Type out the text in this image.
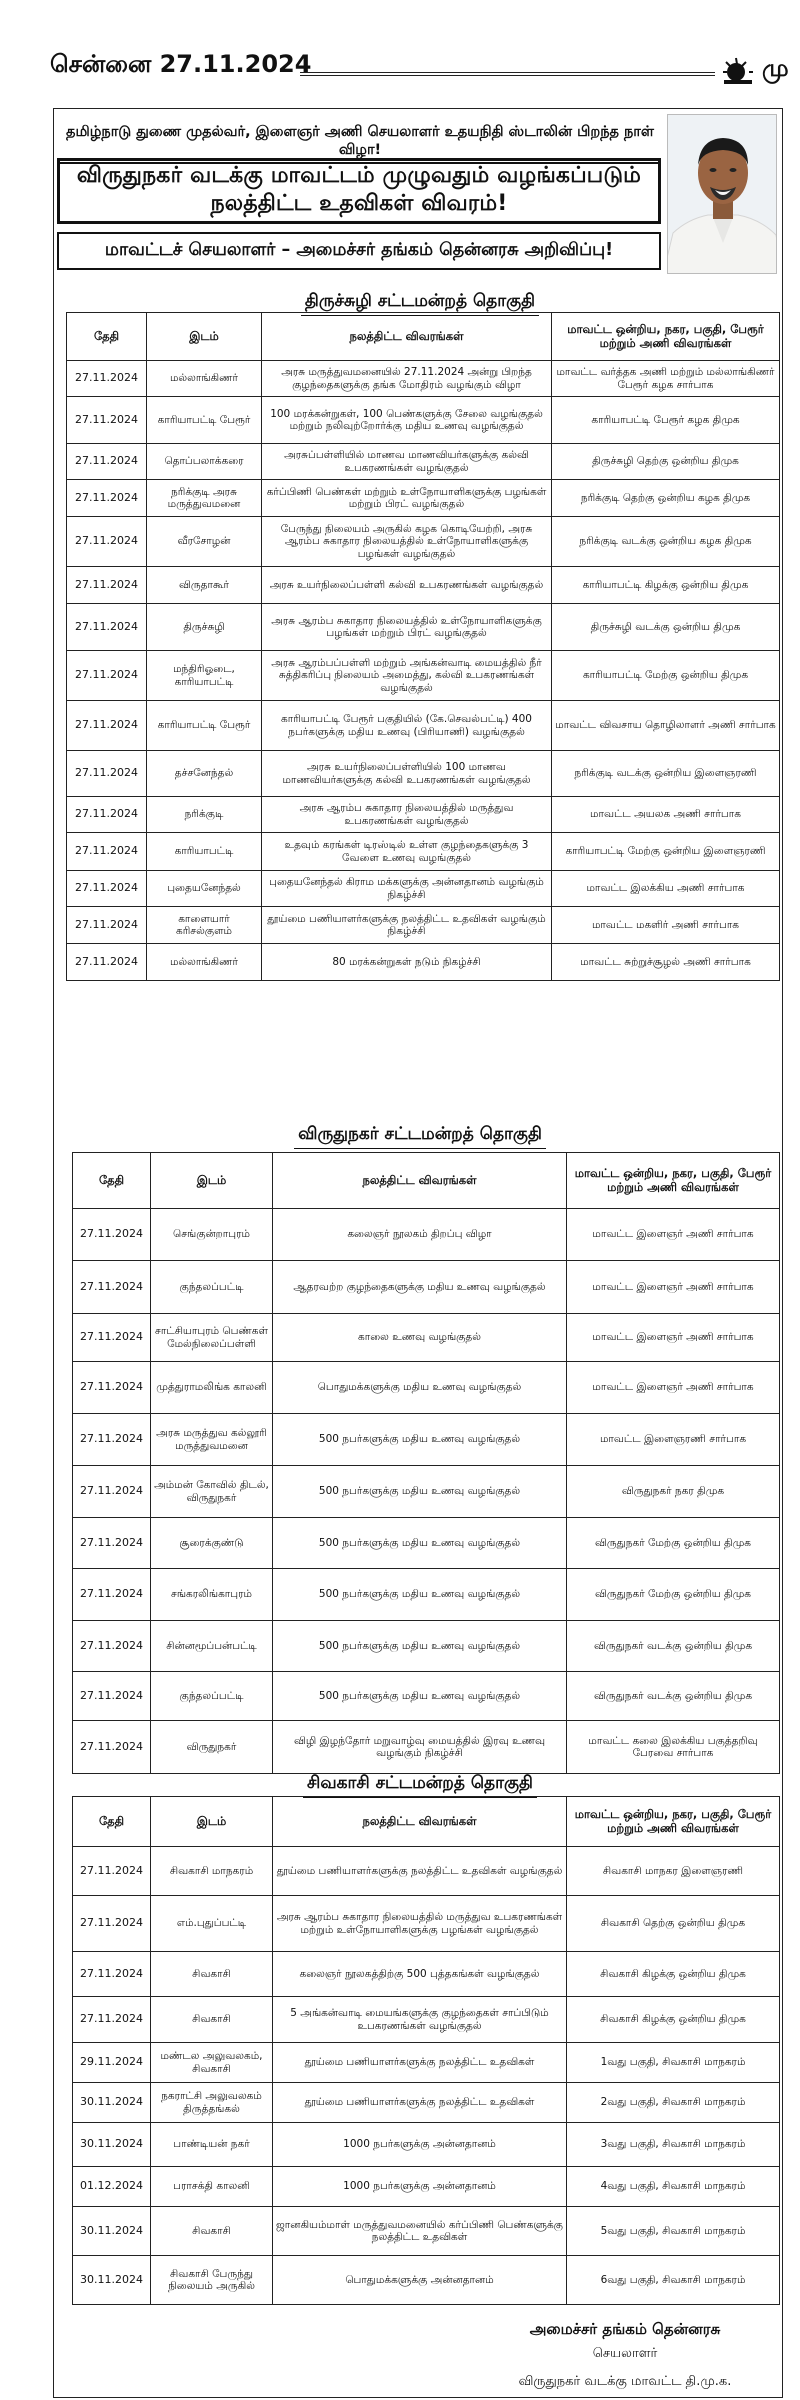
சென்னை 27.11.2024	மு
தமிழ்நாடு துணை முதல்வர், இளைஞர் அணி செயலாளர் உதயநிதி ஸ்டாலின் பிறந்த நாள் விழா!
விருதுநகர் வடக்கு மாவட்டம் முழுவதும் வழங்கப்படும் நலத்திட்ட உதவிகள் விவரம்!
மாவட்டச் செயலாளர் – அமைச்சர் தங்கம் தென்னரசு அறிவிப்பு!
திருச்சுழி சட்டமன்றத் தொகுதி
தேதி	இடம்	நலத்திட்ட விவரங்கள்	மாவட்ட ஒன்றிய, நகர, பகுதி, பேரூர் மற்றும் அணி விவரங்கள்
27.11.2024	மல்லாங்கிணர்	அரசு மருத்துவமனையில் 27.11.2024 அன்று பிறந்த குழந்தைகளுக்கு தங்க மோதிரம் வழங்கும் விழா	மாவட்ட வர்த்தக அணி மற்றும் மல்லாங்கிணர் பேரூர் கழக சார்பாக
27.11.2024	காரியாபட்டி பேரூர்	100 மரக்கன்றுகள், 100 பெண்களுக்கு சேலை வழங்குதல் மற்றும் நலிவுற்றோர்க்கு மதிய உணவு வழங்குதல்	காரியாபட்டி பேரூர் கழக திமுக
27.11.2024	தொப்பலாக்கரை	அரசுப்பள்ளியில் மாணவ மாணவியர்களுக்கு கல்வி உபகரணங்கள் வழங்குதல்	திருச்சுழி தெற்கு ஒன்றிய திமுக
27.11.2024	நரிக்குடி அரசு மருத்துவமனை	கர்ப்பிணி பெண்கள் மற்றும் உள்நோயாளிகளுக்கு பழங்கள் மற்றும் பிரட் வழங்குதல்	நரிக்குடி தெற்கு ஒன்றிய கழக திமுக
27.11.2024	வீரசோழன்	பேருந்து நிலையம் அருகில் கழக கொடியேற்றி, அரசு ஆரம்ப சுகாதார நிலையத்தில் உள்நோயாளிகளுக்கு பழங்கள் வழங்குதல்	நரிக்குடி வடக்கு ஒன்றிய கழக திமுக
27.11.2024	விருதாகூர்	அரசு உயர்நிலைப்பள்ளி கல்வி உபகரணங்கள் வழங்குதல்	காரியாபட்டி கிழக்கு ஒன்றிய திமுக
27.11.2024	திருச்சுழி	அரசு ஆரம்ப சுகாதார நிலையத்தில் உள்நோயாளிகளுக்கு பழங்கள் மற்றும் பிரட் வழங்குதல்	திருச்சுழி வடக்கு ஒன்றிய திமுக
27.11.2024	மந்திரிஓடை, காரியாபட்டி	அரசு ஆரம்பப்பள்ளி மற்றும் அங்கன்வாடி மையத்தில் நீர் சுத்திகரிப்பு நிலையம் அமைத்து, கல்வி உபகரணங்கள் வழங்குதல்	காரியாபட்டி மேற்கு ஒன்றிய திமுக
27.11.2024	காரியாபட்டி பேரூர்	காரியாபட்டி பேரூர் பகுதியில் (கே.செவல்பட்டி) 400 நபர்களுக்கு மதிய உணவு (பிரியாணி) வழங்குதல்	மாவட்ட விவசாய தொழிலாளர் அணி சார்பாக
27.11.2024	தச்சனேந்தல்	அரசு உயர்நிலைப்பள்ளியில் 100 மாணவ மாணவியர்களுக்கு கல்வி உபகரணங்கள் வழங்குதல்	நரிக்குடி வடக்கு ஒன்றிய இளைஞரணி
27.11.2024	நரிக்குடி	அரசு ஆரம்ப சுகாதார நிலையத்தில் மருத்துவ உபகரணங்கள் வழங்குதல்	மாவட்ட அயலக அணி சார்பாக
27.11.2024	காரியாபட்டி	உதவும் கரங்கள் டிரஸ்டில் உள்ள குழந்தைகளுக்கு 3 வேளை உணவு வழங்குதல்	காரியாபட்டி மேற்கு ஒன்றிய இளைஞரணி
27.11.2024	புதையனேந்தல்	புதையனேந்தல் கிராம மக்களுக்கு அன்னதானம் வழங்கும் நிகழ்ச்சி	மாவட்ட இலக்கிய அணி சார்பாக
27.11.2024	காளையார் கரிசல்குளம்	தூய்மை பணியாளர்களுக்கு நலத்திட்ட உதவிகள் வழங்கும் நிகழ்ச்சி	மாவட்ட மகளிர் அணி சார்பாக
27.11.2024	மல்லாங்கிணர்	80 மரக்கன்றுகள் நடும் நிகழ்ச்சி	மாவட்ட சுற்றுச்சூழல் அணி சார்பாக
விருதுநகர் சட்டமன்றத் தொகுதி
தேதி	இடம்	நலத்திட்ட விவரங்கள்	மாவட்ட ஒன்றிய, நகர, பகுதி, பேரூர் மற்றும் அணி விவரங்கள்
27.11.2024	செங்குன்றாபுரம்	கலைஞர் நூலகம் திறப்பு விழா	மாவட்ட இளைஞர் அணி சார்பாக
27.11.2024	குந்தலப்பட்டி	ஆதரவற்ற குழந்தைகளுக்கு மதிய உணவு வழங்குதல்	மாவட்ட இளைஞர் அணி சார்பாக
27.11.2024	சாட்சியாபுரம் பெண்கள் மேல்நிலைப்பள்ளி	காலை உணவு வழங்குதல்	மாவட்ட இளைஞர் அணி சார்பாக
27.11.2024	முத்துராமலிங்க காலனி	பொதுமக்களுக்கு மதிய உணவு வழங்குதல்	மாவட்ட இளைஞர் அணி சார்பாக
27.11.2024	அரசு மருத்துவ கல்லூரி மருத்துவமனை	500 நபர்களுக்கு மதிய உணவு வழங்குதல்	மாவட்ட இளைஞரணி சார்பாக
27.11.2024	அம்மன் கோவில் திடல், விருதுநகர்	500 நபர்களுக்கு மதிய உணவு வழங்குதல்	விருதுநகர் நகர திமுக
27.11.2024	சூரைக்குண்டு	500 நபர்களுக்கு மதிய உணவு வழங்குதல்	விருதுநகர் மேற்கு ஒன்றிய திமுக
27.11.2024	சங்கரலிங்காபுரம்	500 நபர்களுக்கு மதிய உணவு வழங்குதல்	விருதுநகர் மேற்கு ஒன்றிய திமுக
27.11.2024	சின்னமூப்பன்பட்டி	500 நபர்களுக்கு மதிய உணவு வழங்குதல்	விருதுநகர் வடக்கு ஒன்றிய திமுக
27.11.2024	குந்தலப்பட்டி	500 நபர்களுக்கு மதிய உணவு வழங்குதல்	விருதுநகர் வடக்கு ஒன்றிய திமுக
27.11.2024	விருதுநகர்	விழி இழந்தோர் மறுவாழ்வு மையத்தில் இரவு உணவு வழங்கும் நிகழ்ச்சி	மாவட்ட கலை இலக்கிய பகுத்தறிவு பேரவை சார்பாக
சிவகாசி சட்டமன்றத் தொகுதி
தேதி	இடம்	நலத்திட்ட விவரங்கள்	மாவட்ட ஒன்றிய, நகர, பகுதி, பேரூர் மற்றும் அணி விவரங்கள்
27.11.2024	சிவகாசி மாநகரம்	தூய்மை பணியாளர்களுக்கு நலத்திட்ட உதவிகள் வழங்குதல்	சிவகாசி மாநகர இளைஞரணி
27.11.2024	எம்.புதுப்பட்டி	அரசு ஆரம்ப சுகாதார நிலையத்தில் மருத்துவ உபகரணங்கள் மற்றும் உள்நோயாளிகளுக்கு பழங்கள் வழங்குதல்	சிவகாசி தெற்கு ஒன்றிய திமுக
27.11.2024	சிவகாசி	கலைஞர் நூலகத்திற்கு 500 புத்தகங்கள் வழங்குதல்	சிவகாசி கிழக்கு ஒன்றிய திமுக
27.11.2024	சிவகாசி	5 அங்கன்வாடி மையங்களுக்கு குழந்தைகள் சாப்பிடும் உபகரணங்கள் வழங்குதல்	சிவகாசி கிழக்கு ஒன்றிய திமுக
29.11.2024	மண்டல அலுவலகம், சிவகாசி	தூய்மை பணியாளர்களுக்கு நலத்திட்ட உதவிகள்	1வது பகுதி, சிவகாசி மாநகரம்
30.11.2024	நகராட்சி அலுவலகம் திருத்தங்கல்	தூய்மை பணியாளர்களுக்கு நலத்திட்ட உதவிகள்	2வது பகுதி, சிவகாசி மாநகரம்
30.11.2024	பாண்டியன் நகர்	1000 நபர்களுக்கு அன்னதானம்	3வது பகுதி, சிவகாசி மாநகரம்
01.12.2024	பராசக்தி காலனி	1000 நபர்களுக்கு அன்னதானம்	4வது பகுதி, சிவகாசி மாநகரம்
30.11.2024	சிவகாசி	ஜானகியம்மாள் மருத்துவமனையில் கர்ப்பிணி பெண்களுக்கு நலத்திட்ட உதவிகள்	5வது பகுதி, சிவகாசி மாநகரம்
30.11.2024	சிவகாசி பேருந்து நிலையம் அருகில்	பொதுமக்களுக்கு அன்னதானம்	6வது பகுதி, சிவகாசி மாநகரம்
அமைச்சர் தங்கம் தென்னரசு
செயலாளர்
விருதுநகர் வடக்கு மாவட்ட தி.மு.க.
